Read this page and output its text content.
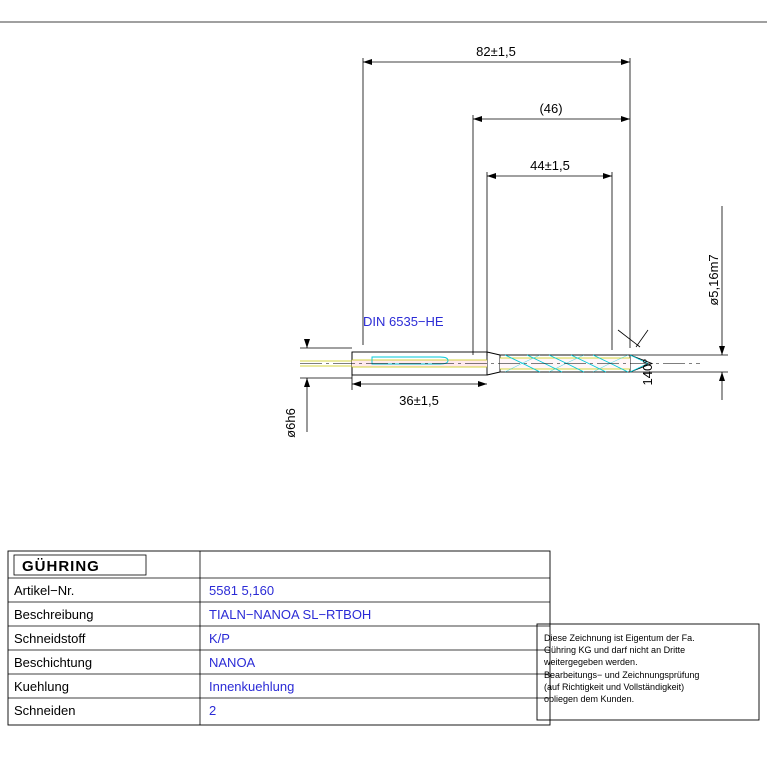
82±1,5
(46)
44±1,5
36±1,5
ø5,16m7
ø6h6
140°
DIN 6535−HE
GÜHRING
Artikel−Nr.	5581 5,160
Beschreibung	TIALN−NANOA SL−RTBOH
Schneidstoff	K/P
Beschichtung	NANOA
Kuehlung	Innenkuehlung
Schneiden	2
Diese Zeichnung ist Eigentum der Fa.
Gühring KG und darf nicht an Dritte
weitergegeben werden.
Bearbeitungs− und Zeichnungsprüfung
(auf Richtigkeit und Vollständigkeit)
obliegen dem Kunden.
